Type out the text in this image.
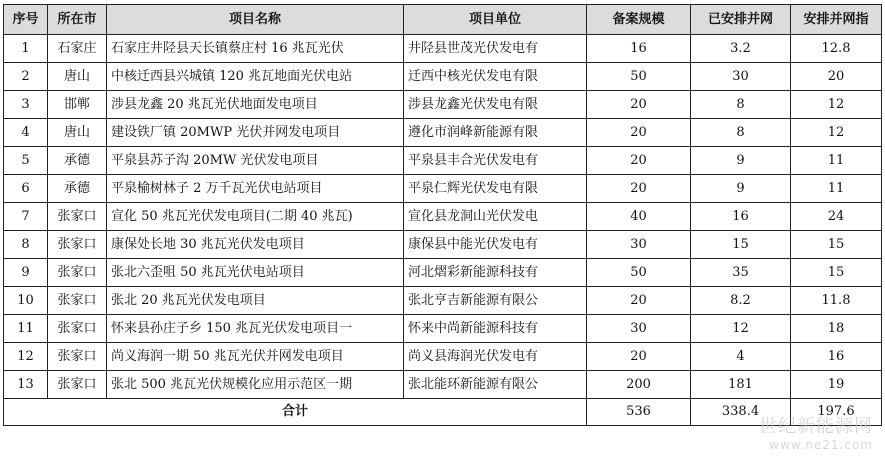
序号	所在市	项目名称	项目单位	备案规模	已安排并网	安排并网指
1	石家庄	石家庄井陉县天长镇蔡庄村 16 兆瓦光伏	井陉县世茂光伏发电有	16	3.2	12.8
2	唐山	中核迁西县兴城镇 120 兆瓦地面光伏电站	迁西中核光伏发电有限	50	30	20
3	邯郸	涉县龙鑫 20 兆瓦光伏地面发电项目	涉县龙鑫光伏发电有限	20	8	12
4	唐山	建设铁厂镇 20MWP 光伏并网发电项目	遵化市润峰新能源有限	20	8	12
5	承德	平泉县苏子沟 20MW 光伏发电项目	平泉县丰合光伏发电有	20	9	11
6	承德	平泉榆树林子 2 万千瓦光伏电站项目	平泉仁辉光伏发电有限	20	9	11
7	张家口	宣化 50 兆瓦光伏发电项目(二期 40 兆瓦)	宣化县龙洞山光伏发电	40	16	24
8	张家口	康保处长地 30 兆瓦光伏发电项目	康保县中能光伏发电有	30	15	15
9	张家口	张北六歪咀 50 兆瓦光伏电站项目	河北熠彩新能源科技有	50	35	15
10	张家口	张北 20 兆瓦光伏发电项目	张北亨吉新能源有限公	20	8.2	11.8
11	张家口	怀来县孙庄子乡 150 兆瓦光伏发电项目一	怀来中尚新能源科技有	30	12	18
12	张家口	尚义海润一期 50 兆瓦光伏并网发电项目	尚义县海润光伏发电有	20	4	16
13	张家口	张北 500 兆瓦光伏规模化应用示范区一期	张北能环新能源有限公	200	181	19
合计				536	338.4	197.6
世纪新能源网
www.ne21.com
